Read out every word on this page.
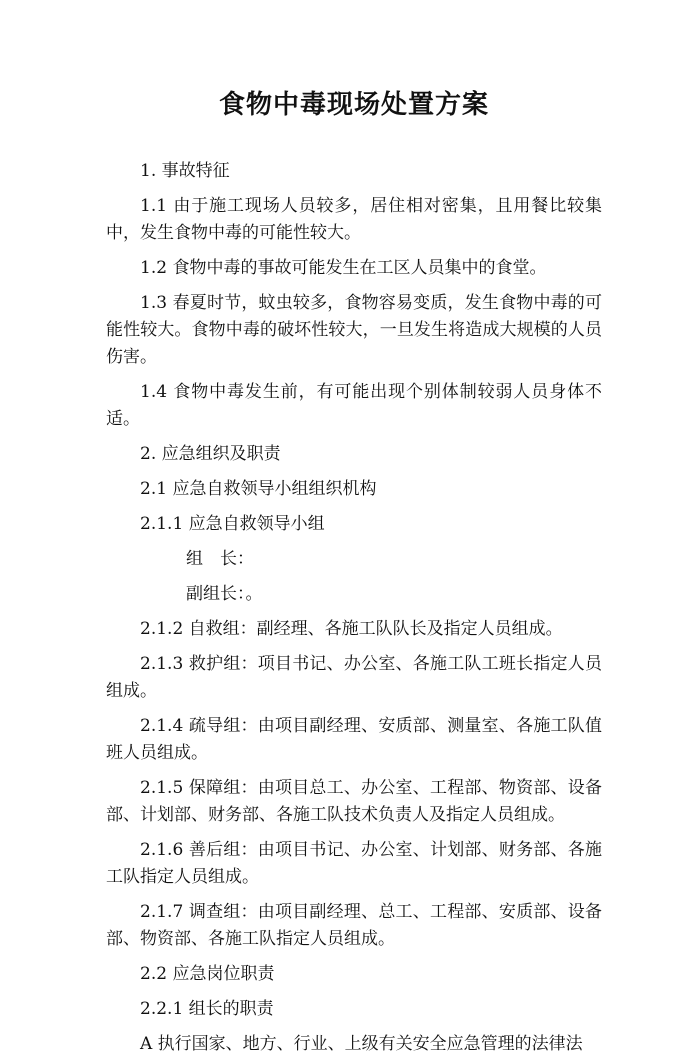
食物中毒现场处置方案

1. 事故特征

1.1 由于施工现场人员较多，居住相对密集，且用餐比较集中，发生食物中毒的可能性较大。

1.2 食物中毒的事故可能发生在工区人员集中的食堂。

1.3 春夏时节，蚊虫较多，食物容易变质，发生食物中毒的可能性较大。食物中毒的破坏性较大，一旦发生将造成大规模的人员伤害。

1.4 食物中毒发生前，有可能出现个别体制较弱人员身体不适。

2. 应急组织及职责

2.1 应急自救领导小组组织机构

2.1.1 应急自救领导小组

组　长：

副组长：。

2.1.2 自救组：副经理、各施工队队长及指定人员组成。

2.1.3 救护组：项目书记、办公室、各施工队工班长指定人员组成。

2.1.4 疏导组：由项目副经理、安质部、测量室、各施工队值班人员组成。

2.1.5 保障组：由项目总工、办公室、工程部、物资部、设备部、计划部、财务部、各施工队技术负责人及指定人员组成。

2.1.6 善后组：由项目书记、办公室、计划部、财务部、各施工队指定人员组成。

2.1.7 调查组：由项目副经理、总工、工程部、安质部、设备部、物资部、各施工队指定人员组成。

2.2 应急岗位职责

2.2.1 组长的职责

A 执行国家、地方、行业、上级有关安全应急管理的法律法
